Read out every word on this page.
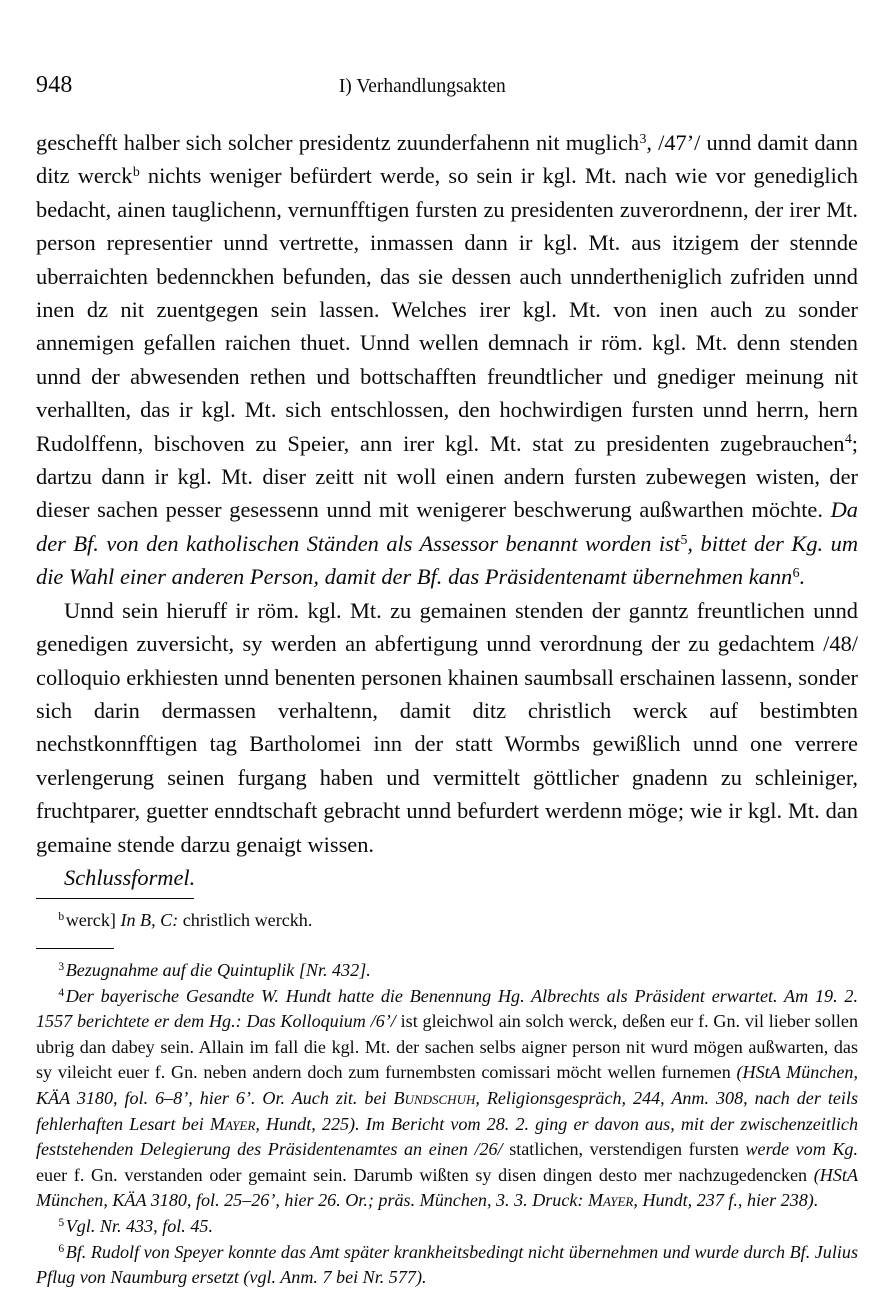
948	I) Verhandlungsakten

geschefft halber sich solcher presidentz zuunderfahenn nit muglich$^3$, /47’/ unnd damit dann ditz werck$^b$ nichts weniger befürdert werde, so sein ir kgl. Mt. nach wie vor genediglich bedacht, ainen tauglichenn, vernunfftigen fursten zu presidenten zuverordnenn, der irer Mt. person representier unnd vertrette, inmassen dann ir kgl. Mt. aus itzigem der stennde uberraichten bedennckhen befunden, das sie dessen auch unndertheniglich zufriden unnd inen dz nit zuentgegen sein lassen. Welches irer kgl. Mt. von inen auch zu sonder annemigen gefallen raichen thuet. Unnd wellen demnach ir röm. kgl. Mt. denn stenden unnd der abwesenden rethen und bottschafften freundtlicher und gnediger meinung nit verhallten, das ir kgl. Mt. sich entschlossen, den hochwirdigen fursten unnd herrn, hern Rudolffenn, bischoven zu Speier, ann irer kgl. Mt. stat zu presidenten zugebrauchen$^4$; dartzu dann ir kgl. Mt. diser zeitt nit woll einen andern fursten zubewegen wisten, der dieser sachen pesser gesessenn unnd mit wenigerer beschwerung außwarthen möchte. Da der Bf. von den katholischen Ständen als Assessor benannt worden ist$^5$, bittet der Kg. um die Wahl einer anderen Person, damit der Bf. das Präsidentenamt übernehmen kann$^6$.

Unnd sein hieruff ir röm. kgl. Mt. zu gemainen stenden der ganntz freuntlichen unnd genedigen zuversicht, sy werden an abfertigung unnd verordnung der zu gedachtem /48/ colloquio erkhiesten unnd benenten personen khainen saumbsall erschainen lassenn, sonder sich darin dermassen verhaltenn, damit ditz christlich werck auf bestimbten nechstkonnfftigen tag Bartholomei inn der statt Wormbs gewißlich unnd one verrere verlengerung seinen furgang haben und vermittelt göttlicher gnadenn zu schleiniger, fruchtparer, guetter enndtschaft gebracht unnd befurdert werdenn möge; wie ir kgl. Mt. dan gemaine stende darzu genaigt wissen.

Schlussformel.

$^b$werck] In B, C: christlich werckh.

$^3$Bezugnahme auf die Quintuplik [Nr. 432].

$^4$Der bayerische Gesandte W. Hundt hatte die Benennung Hg. Albrechts als Präsident erwartet. Am 19. 2. 1557 berichtete er dem Hg.: Das Kolloquium /6’/ ist gleichwol ain solch werck, deßen eur f. Gn. vil lieber sollen ubrig dan dabey sein. Allain im fall die kgl. Mt. der sachen selbs aigner person nit wurd mögen außwarten, das sy vileicht euer f. Gn. neben andern doch zum furnembsten comissari möcht wellen furnemen (HStA München, KÄA 3180, fol. 6–8’, hier 6’. Or. Auch zit. bei Bundschuh, Religionsgespräch, 244, Anm. 308, nach der teils fehlerhaften Lesart bei Mayer, Hundt, 225). Im Bericht vom 28. 2. ging er davon aus, mit der zwischenzeitlich feststehenden Delegierung des Präsidentenamtes an einen /26/ statlichen, verstendigen fursten werde vom Kg. euer f. Gn. verstanden oder gemaint sein. Darumb wißten sy disen dingen desto mer nachzugedencken (HStA München, KÄA 3180, fol. 25–26’, hier 26. Or.; präs. München, 3. 3. Druck: Mayer, Hundt, 237 f., hier 238).

$^5$Vgl. Nr. 433, fol. 45.

$^6$Bf. Rudolf von Speyer konnte das Amt später krankheitsbedingt nicht übernehmen und wurde durch Bf. Julius Pflug von Naumburg ersetzt (vgl. Anm. 7 bei Nr. 577).
